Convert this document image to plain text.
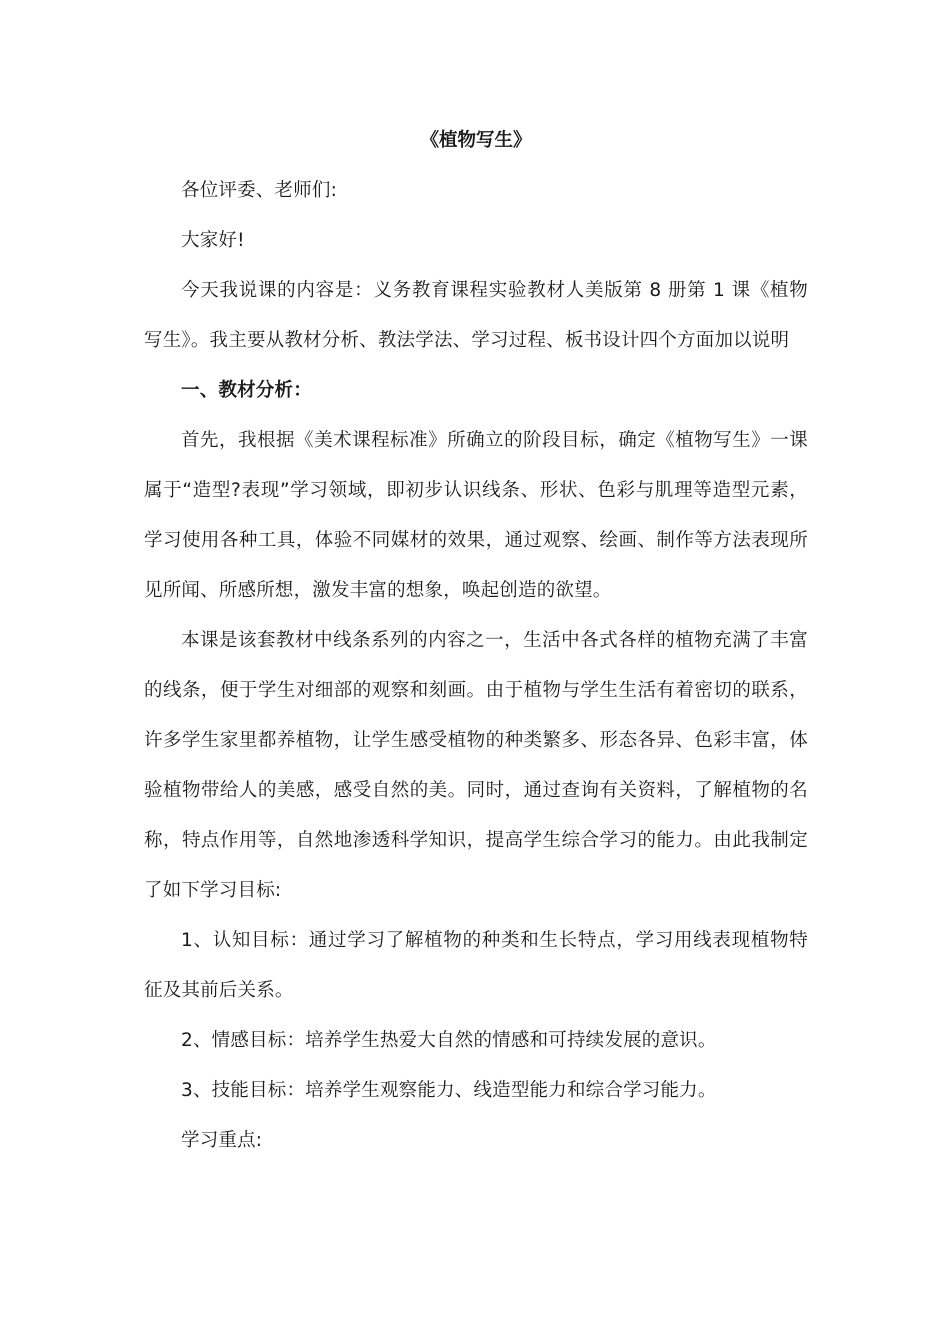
《植物写生》

各位评委、老师们:

大家好!

今天我说课的内容是：义务教育课程实验教材人美版第 8 册第 1 课《植物写生》。我主要从教材分析、教法学法、学习过程、板书设计四个方面加以说明

一、教材分析：

首先，我根据《美术课程标准》所确立的阶段目标，确定《植物写生》一课属于“造型?表现”学习领域，即初步认识线条、形状、色彩与肌理等造型元素，学习使用各种工具，体验不同媒材的效果，通过观察、绘画、制作等方法表现所见所闻、所感所想，激发丰富的想象，唤起创造的欲望。

本课是该套教材中线条系列的内容之一，生活中各式各样的植物充满了丰富的线条，便于学生对细部的观察和刻画。由于植物与学生生活有着密切的联系，许多学生家里都养植物，让学生感受植物的种类繁多、形态各异、色彩丰富，体验植物带给人的美感，感受自然的美。同时，通过查询有关资料，了解植物的名称，特点作用等，自然地渗透科学知识，提高学生综合学习的能力。由此我制定了如下学习目标:

1、认知目标：通过学习了解植物的种类和生长特点，学习用线表现植物特征及其前后关系。

2、情感目标：培养学生热爱大自然的情感和可持续发展的意识。

3、技能目标：培养学生观察能力、线造型能力和综合学习能力。

学习重点:
